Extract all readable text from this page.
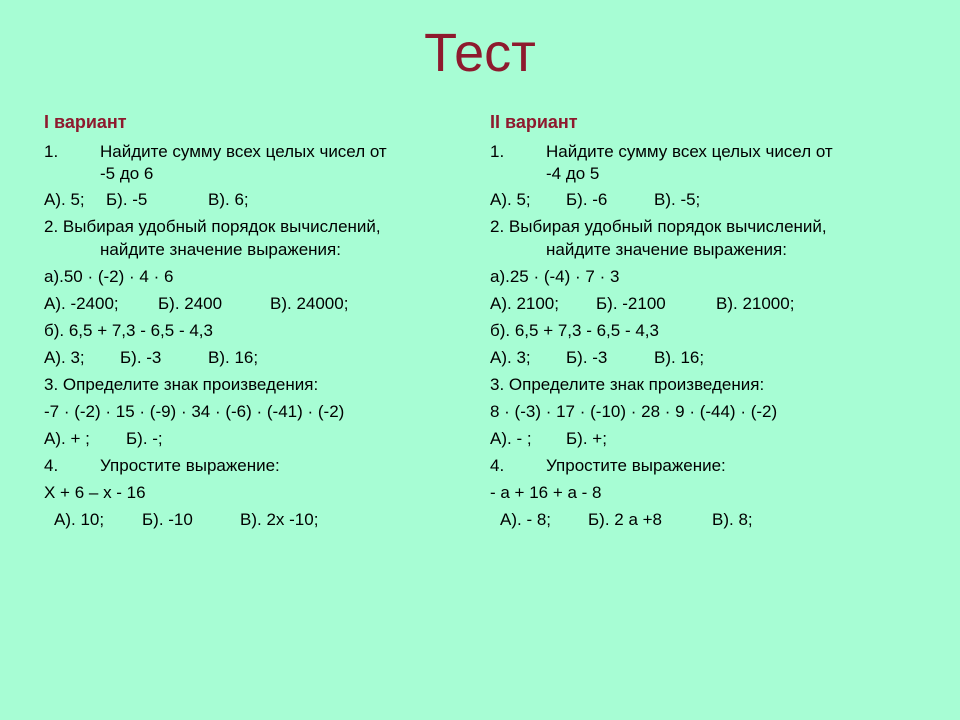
Тест
I вариант
1. Найдите сумму всех целых чисел от
-5 до 6
А). 5; Б). -5	В). 6;
2. Выбирая удобный порядок вычислений,
найдите значение выражения:
а).50 · (-2) · 4 · 6
А). -2400; Б). 2400	В). 24000;
б). 6,5 + 7,3 - 6,5 - 4,3
А). 3; Б). -3	В). 16;
3. Определите знак произведения:
-7 · (-2) · 15 · (-9) · 34 · (-6) · (-41) · (-2)
А). + ; Б). -;
4. Упростите выражение:
Х + 6 – х - 16
А). 10; Б). -10	В). 2х -10;
II вариант
1. Найдите сумму всех целых чисел от
-4 до 5
А). 5; Б). -6	В). -5;
2. Выбирая удобный порядок вычислений,
найдите значение выражения:
а).25 · (-4) · 7 · 3
А). 2100; Б). -2100	В). 21000;
б). 6,5 + 7,3 - 6,5 - 4,3
А). 3; Б). -3	В). 16;
3. Определите знак произведения:
8 · (-3) · 17 · (-10) · 28 · 9 · (-44) · (-2)
А). - ; Б). +;
4. Упростите выражение:
- а + 16 + а - 8
А). - 8; Б). 2 а +8	В). 8;
